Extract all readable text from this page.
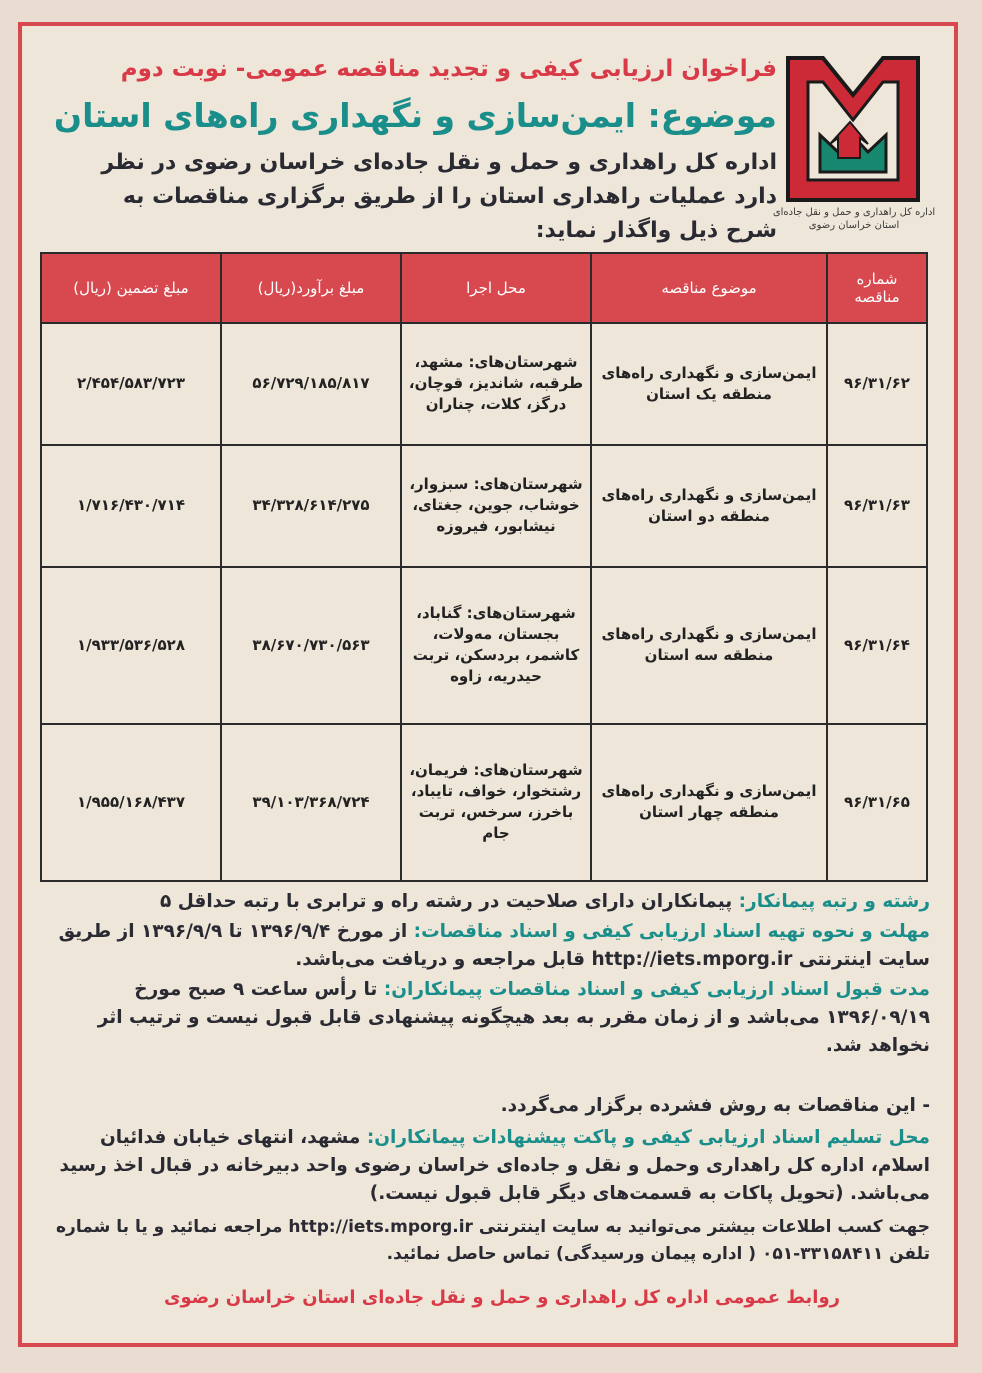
اداره کل راهداری و حمل و نقل جاده‌ای استان خراسان رضوی
فراخوان ارزیابی کیفی و تجدید مناقصه عمومی- نوبت دوم
موضوع: ایمن‌سازی و نگهداری راه‌های استان
اداره کل راهداری و حمل و نقل جاده‌ای خراسان رضوی در نظر دارد عملیات راهداری استان را از طریق برگزاری مناقصات به شرح ذیل واگذار نماید:
شماره مناقصه	موضوع مناقصه	محل اجرا	مبلغ برآورد(ریال)	مبلغ تضمین (ریال)
۹۶/۳۱/۶۲	ایمن‌سازی و نگهداری راه‌های منطقه یک استان	شهرستان‌های: مشهد، طرقبه، شاندیز، قوچان، درگز، کلات، چناران	۵۶/۷۲۹/۱۸۵/۸۱۷	۲/۴۵۴/۵۸۳/۷۲۳
۹۶/۳۱/۶۳	ایمن‌سازی و نگهداری راه‌های منطقه دو استان	شهرستان‌های: سبزوار، خوشاب، جوین، جغتای، نیشابور، فیروزه	۳۴/۳۲۸/۶۱۴/۲۷۵	۱/۷۱۶/۴۳۰/۷۱۴
۹۶/۳۱/۶۴	ایمن‌سازی و نگهداری راه‌های منطقه سه استان	شهرستان‌های: گناباد، بجستان، مه‌ولات، کاشمر، بردسکن، تربت حیدریه، زاوه	۳۸/۶۷۰/۷۳۰/۵۶۳	۱/۹۳۳/۵۳۶/۵۲۸
۹۶/۳۱/۶۵	ایمن‌سازی و نگهداری راه‌های منطقه چهار استان	شهرستان‌های: فریمان، رشتخوار، خواف، تایباد، باخرز، سرخس، تربت جام	۳۹/۱۰۳/۳۶۸/۷۲۴	۱/۹۵۵/۱۶۸/۴۳۷
رشته و رتبه پیمانکار: پیمانکاران دارای صلاحیت در رشته راه و ترابری با رتبه حداقل ۵
مهلت و نحوه تهیه اسناد ارزیابی کیفی و اسناد مناقصات: از مورخ ۱۳۹۶/۹/۴ تا ۱۳۹۶/۹/۹ از طریق سایت اینترنتی http://iets.mporg.ir قابل مراجعه و دریافت می‌باشد.
مدت قبول اسناد ارزیابی کیفی و اسناد مناقصات پیمانکاران: تا رأس ساعت ۹ صبح مورخ ۱۳۹۶/۰۹/۱۹ می‌باشد و از زمان مقرر به بعد هیچگونه پیشنهادی قابل قبول نیست و ترتیب اثر نخواهد شد.
- این مناقصات به روش فشرده برگزار می‌گردد.
محل تسلیم اسناد ارزیابی کیفی و پاکت پیشنهادات پیمانکاران: مشهد، انتهای خیابان فدائیان اسلام، اداره کل راهداری وحمل و نقل و جاده‌ای خراسان رضوی واحد دبیرخانه در قبال اخذ رسید می‌باشد. (تحویل پاکات به قسمت‌های دیگر قابل قبول نیست.)
جهت کسب اطلاعات بیشتر می‌توانید به سایت اینترنتی http://iets.mporg.ir مراجعه نمائید و یا با شماره تلفن ۳۳۱۵۸۴۱۱-۰۵۱ ( اداره پیمان ورسیدگی) تماس حاصل نمائید.
روابط عمومی اداره کل راهداری و حمل و نقل جاده‌ای استان خراسان رضوی
